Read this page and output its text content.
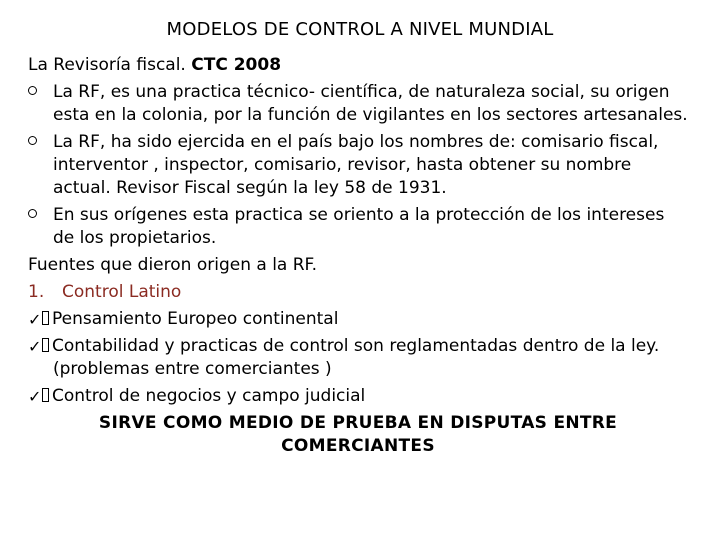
MODELOS DE CONTROL A NIVEL MUNDIAL

La Revisoría fiscal. CTC 2008

La RF, es una practica técnico- científica, de naturaleza social, su origen esta en la colonia, por la función de vigilantes en los sectores artesanales.
La RF, ha sido ejercida en el país bajo los nombres de: comisario fiscal, interventor , inspector, comisario, revisor, hasta obtener su nombre actual. Revisor Fiscal según la ley 58 de 1931.
En sus orígenes esta practica se oriento a la protección de los intereses de los propietarios.

Fuentes que dieron origen a la RF.

1. Control Latino
✓ Pensamiento Europeo continental
✓ Contabilidad y practicas de control son reglamentadas dentro de la ley. (problemas entre comerciantes )
✓ Control de negocios y campo judicial

SIRVE COMO MEDIO DE PRUEBA EN DISPUTAS ENTRE COMERCIANTES
